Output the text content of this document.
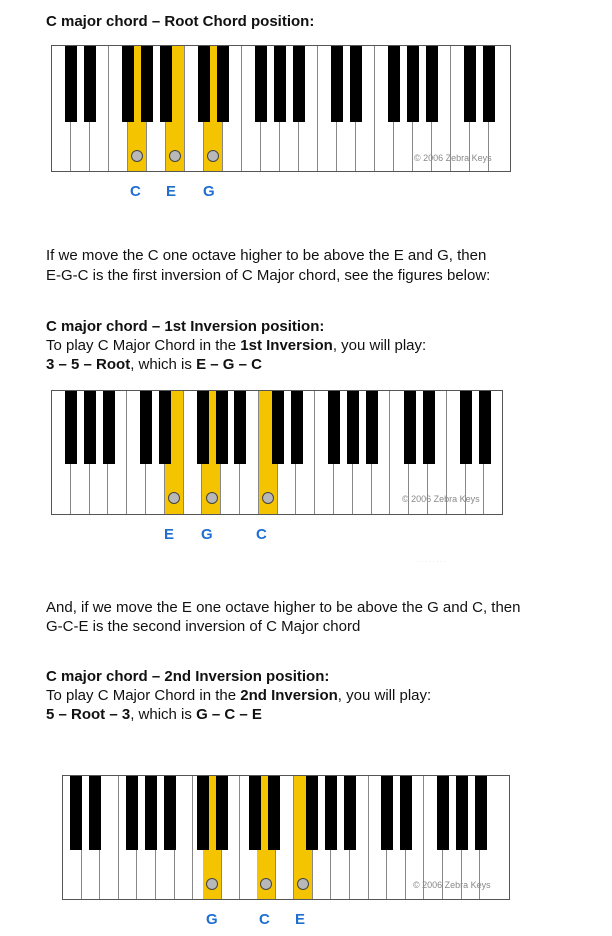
C major chord – Root Chord position:
© 2006 Zebra Keys
C E G
If we move the C one octave higher to be above the E and G, then
E-G-C is the first inversion of C Major chord, see the figures below:
C major chord – 1st Inversion position:
To play C Major Chord in the 1st Inversion, you will play:
3 – 5 – Root, which is E – G – C
© 2006 Zebra Keys
E G	C
· · · · · · · ·
And, if we move the E one octave higher to be above the G and C, then
G-C-E is the second inversion of C Major chord
C major chord – 2nd Inversion position:
To play C Major Chord in the 2nd Inversion, you will play:
5 – Root – 3, which is G – C – E
© 2006 Zebra Keys
G	C E
